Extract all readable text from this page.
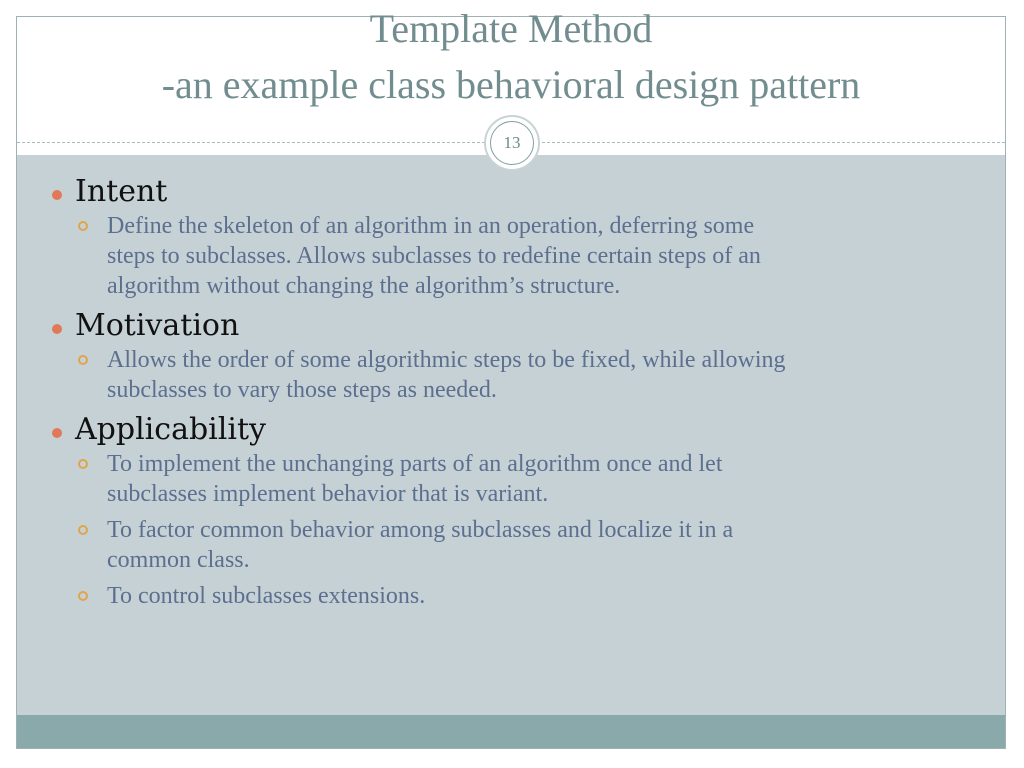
Template Method
-an example class behavioral design pattern
13
Intent
Define the skeleton of an algorithm in an operation, deferring some
steps to subclasses. Allows subclasses to redefine certain steps of an
algorithm without changing the algorithm’s structure.
Motivation
Allows the order of some algorithmic steps to be fixed, while allowing
subclasses to vary those steps as needed.
Applicability
To implement the unchanging parts of an algorithm once and let
subclasses implement behavior that is variant.
To factor common behavior among subclasses and localize it in a
common class.
To control subclasses extensions.
